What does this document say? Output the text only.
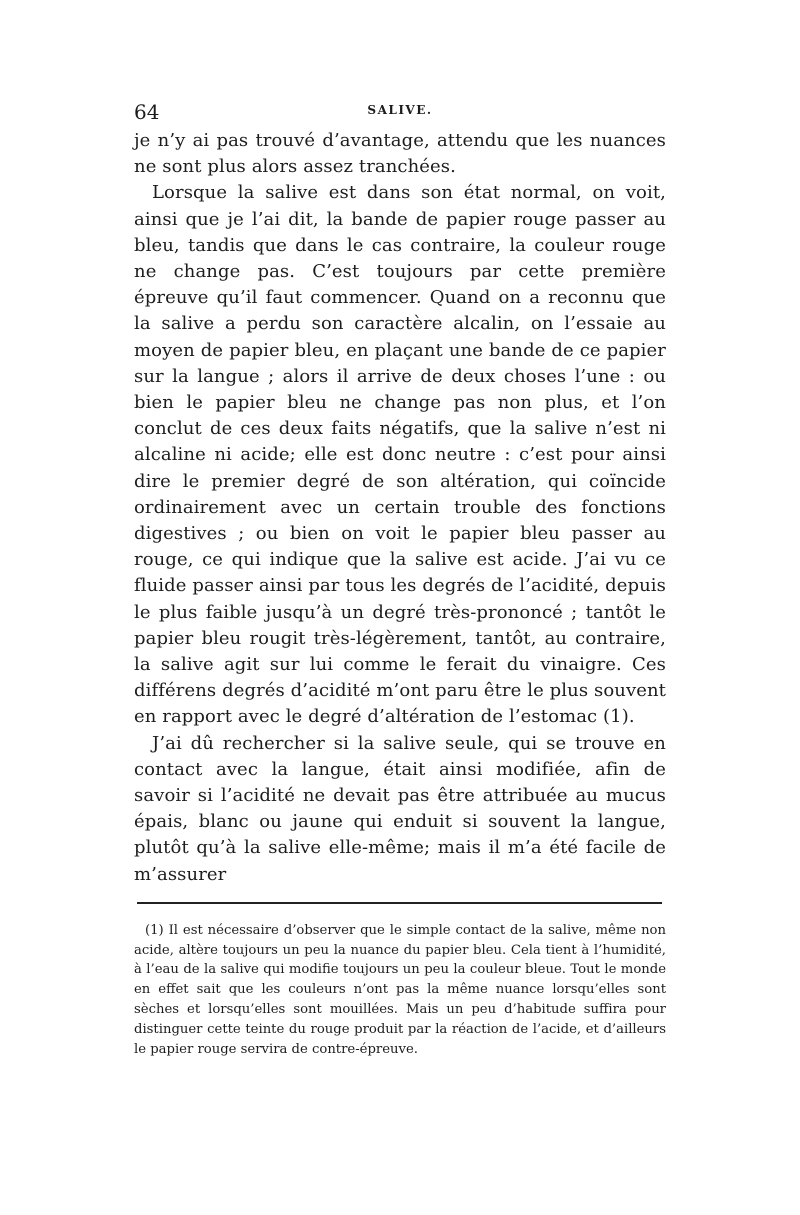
64	SALIVE.

je n’y ai pas trouvé d’avantage, attendu que les nuances ne sont plus alors assez tranchées.

Lorsque la salive est dans son état normal, on voit, ainsi que je l’ai dit, la bande de papier rouge passer au bleu, tandis que dans le cas contraire, la couleur rouge ne change pas. C’est toujours par cette première épreuve qu’il faut commencer. Quand on a reconnu que la salive a perdu son caractère alcalin, on l’essaie au moyen de papier bleu, en plaçant une bande de ce papier sur la langue ; alors il arrive de deux choses l’une : ou bien le papier bleu ne change pas non plus, et l’on conclut de ces deux faits négatifs, que la salive n’est ni alcaline ni acide; elle est donc neutre : c’est pour ainsi dire le premier degré de son altération, qui coïncide ordinairement avec un certain trouble des fonctions digestives ; ou bien on voit le papier bleu passer au rouge, ce qui indique que la salive est acide. J’ai vu ce fluide passer ainsi par tous les degrés de l’acidité, depuis le plus faible jusqu’à un degré très-prononcé ; tantôt le papier bleu rougit très-légèrement, tantôt, au contraire, la salive agit sur lui comme le ferait du vinaigre. Ces différens degrés d’acidité m’ont paru être le plus souvent en rapport avec le degré d’altération de l’estomac (1).

J’ai dû rechercher si la salive seule, qui se trouve en contact avec la langue, était ainsi modifiée, afin de savoir si l’acidité ne devait pas être attribuée au mucus épais, blanc ou jaune qui enduit si souvent la langue, plutôt qu’à la salive elle-même; mais il m’a été facile de m’assurer

(1) Il est nécessaire d’observer que le simple contact de la salive, même non acide, altère toujours un peu la nuance du papier bleu. Cela tient à l’humidité, à l’eau de la salive qui modifie toujours un peu la couleur bleue. Tout le monde en effet sait que les couleurs n’ont pas la même nuance lorsqu’elles sont sèches et lorsqu’elles sont mouillées. Mais un peu d’habitude suffira pour distinguer cette teinte du rouge produit par la réaction de l’acide, et d’ailleurs le papier rouge servira de contre-épreuve.
